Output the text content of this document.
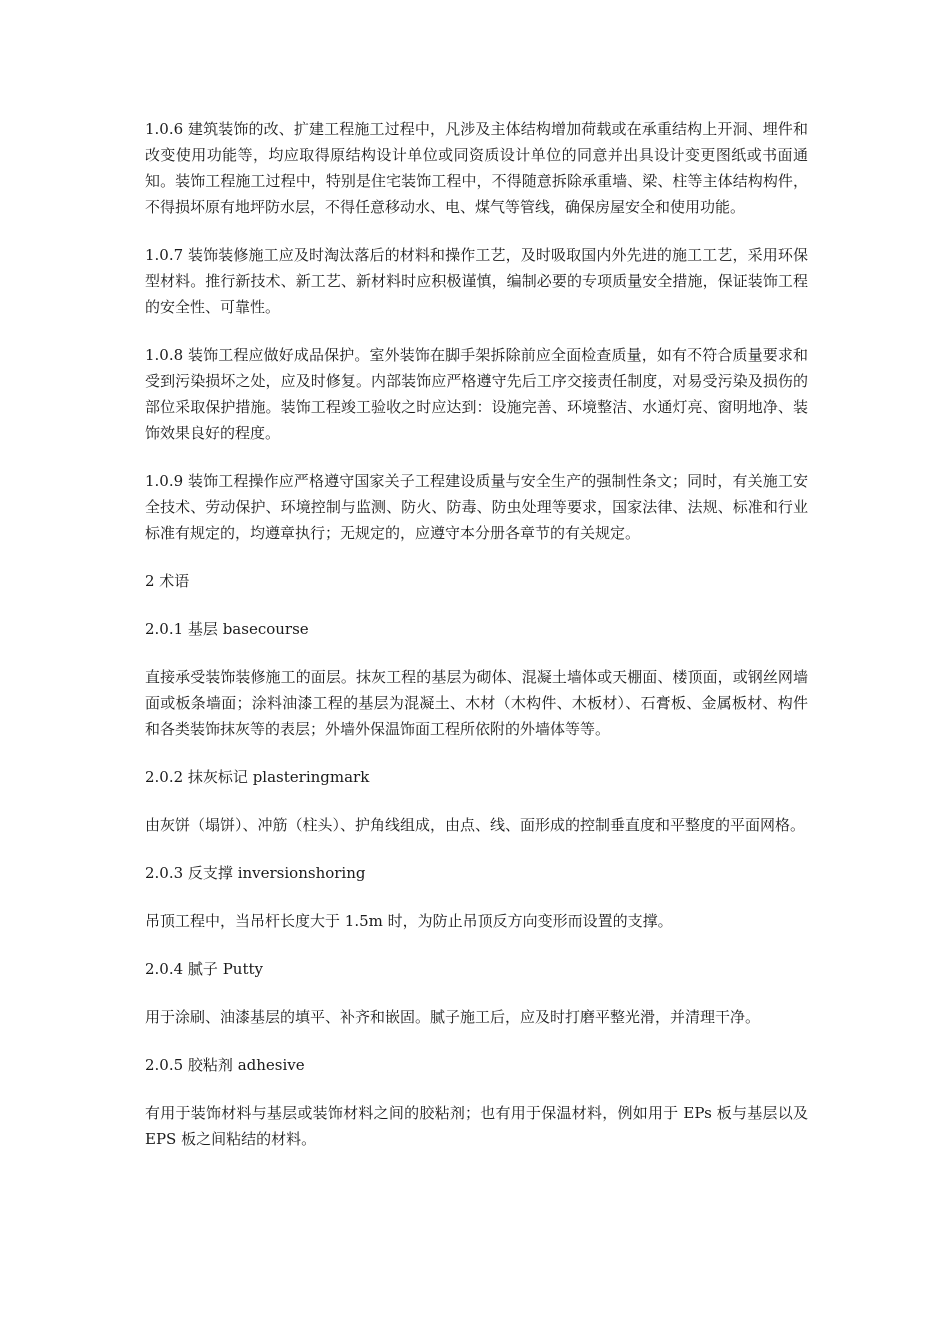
1.0.6 建筑装饰的改、扩建工程施工过程中，凡涉及主体结构增加荷载或在承重结构上开洞、埋件和改变使用功能等，均应取得原结构设计单位或同资质设计单位的同意并出具设计变更图纸或书面通知。装饰工程施工过程中，特别是住宅装饰工程中，不得随意拆除承重墙、梁、柱等主体结构构件，不得损坏原有地坪防水层，不得任意移动水、电、煤气等管线，确保房屋安全和使用功能。

1.0.7 装饰装修施工应及时淘汰落后的材料和操作工艺，及时吸取国内外先进的施工工艺，采用环保型材料。推行新技术、新工艺、新材料时应积极谨慎，编制必要的专项质量安全措施，保证装饰工程的安全性、可靠性。

1.0.8 装饰工程应做好成品保护。室外装饰在脚手架拆除前应全面检查质量，如有不符合质量要求和受到污染损坏之处，应及时修复。内部装饰应严格遵守先后工序交接责任制度，对易受污染及损伤的部位采取保护措施。装饰工程竣工验收之时应达到：设施完善、环境整洁、水通灯亮、窗明地净、装饰效果良好的程度。

1.0.9 装饰工程操作应严格遵守国家关子工程建设质量与安全生产的强制性条文；同时，有关施工安全技术、劳动保护、环境控制与监测、防火、防毒、防虫处理等要求，国家法律、法规、标准和行业标准有规定的，均遵章执行；无规定的，应遵守本分册各章节的有关规定。

2 术语

2.0.1 基层 basecourse

直接承受装饰装修施工的面层。抹灰工程的基层为砌体、混凝土墙体或天棚面、楼顶面，或钢丝网墙面或板条墙面；涂料油漆工程的基层为混凝土、木材（木构件、木板材）、石膏板、金属板材、构件和各类装饰抹灰等的表层；外墙外保温饰面工程所依附的外墙体等等。

2.0.2 抹灰标记 plasteringmark

由灰饼（塌饼）、冲筋（柱头）、护角线组成，由点、线、面形成的控制垂直度和平整度的平面网格。

2.0.3 反支撑 inversionshoring

吊顶工程中，当吊杆长度大于 1.5m 时，为防止吊顶反方向变形而设置的支撑。

2.0.4 腻子 Putty

用于涂刷、油漆基层的填平、补齐和嵌固。腻子施工后，应及时打磨平整光滑，并清理干净。

2.0.5 胶粘剂 adhesive

有用于装饰材料与基层或装饰材料之间的胶粘剂；也有用于保温材料，例如用于 EPs 板与基层以及 EPS 板之间粘结的材料。
